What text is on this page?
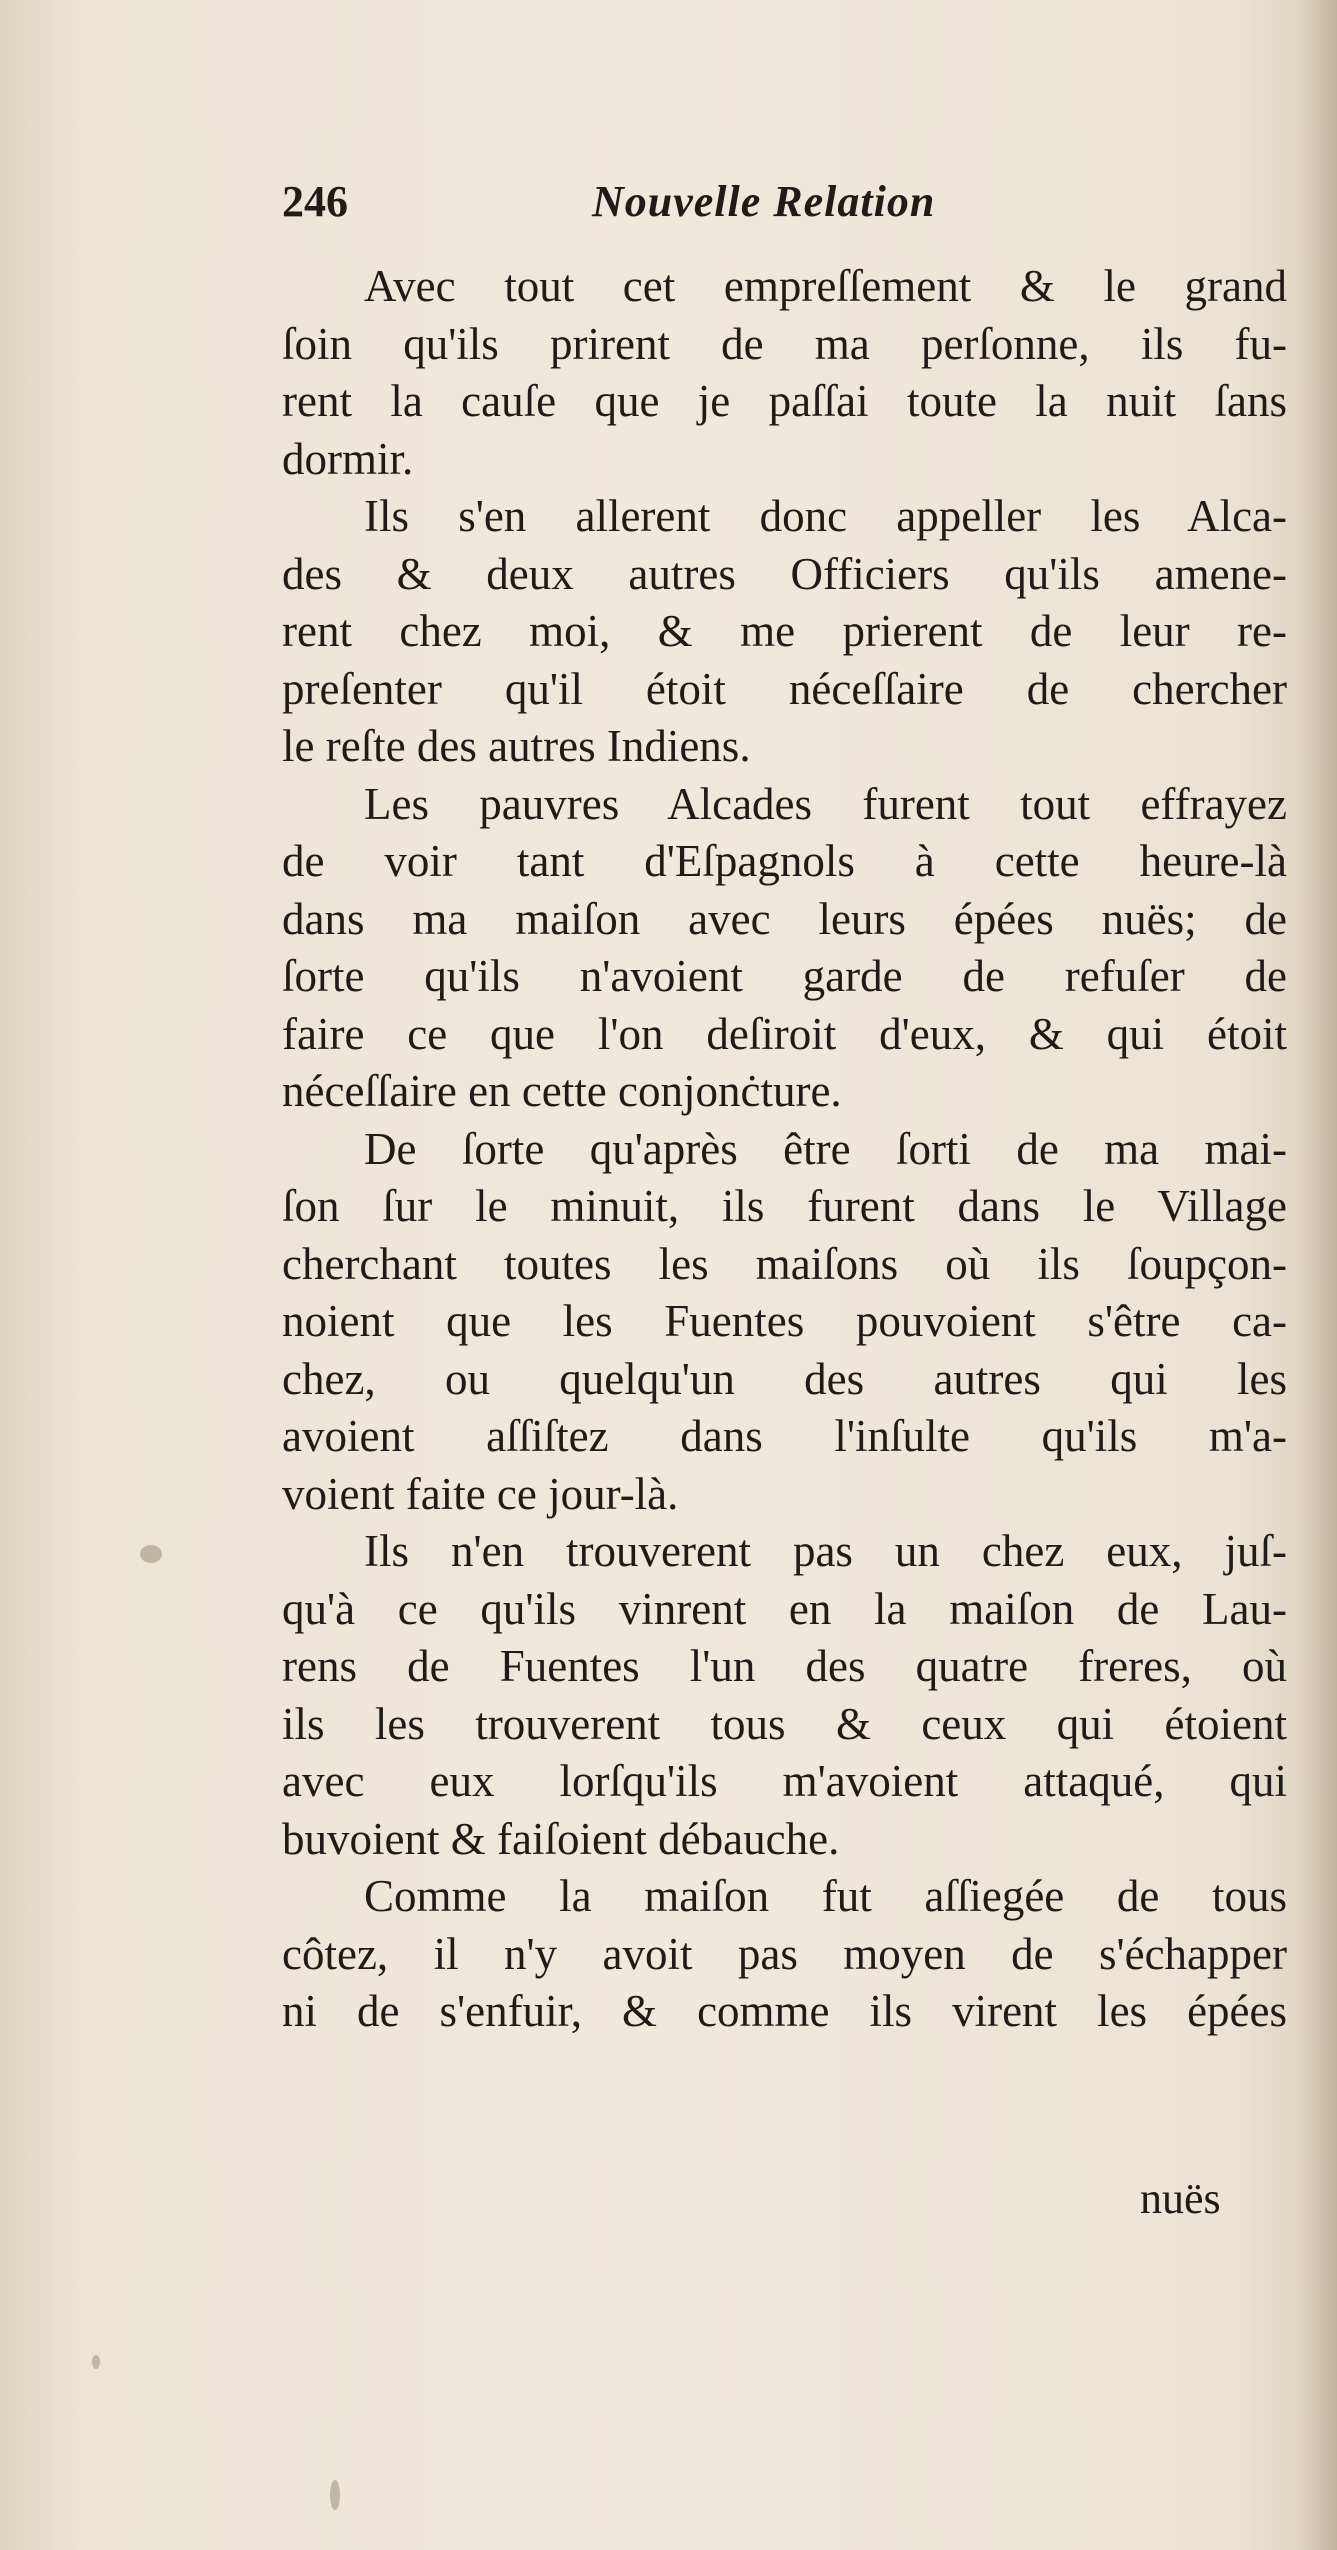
246	Nouvelle Relation
Avec tout cet empreſſement & le grand
ſoin qu'ils prirent de ma perſonne, ils fu-
rent la cauſe que je paſſai toute la nuit ſans
dormir.
Ils s'en allerent donc appeller les Alca-
des & deux autres Officiers qu'ils amene-
rent chez moi, & me prierent de leur re-
preſenter qu'il étoit néceſſaire de chercher
le reſte des autres Indiens.
Les pauvres Alcades furent tout effrayez
de voir tant d'Eſpagnols à cette heure-là
dans ma maiſon avec leurs épées nuës; de
ſorte qu'ils n'avoient garde de refuſer de
faire ce que l'on deſiroit d'eux, & qui étoit
néceſſaire en cette conjonċture.
De ſorte qu'après être ſorti de ma mai-
ſon ſur le minuit, ils furent dans le Village
cherchant toutes les maiſons où ils ſoupçon-
noient que les Fuentes pouvoient s'être ca-
chez, ou quelqu'un des autres qui les
avoient aſſiſtez dans l'inſulte qu'ils m'a-
voient faite ce jour-là.
Ils n'en trouverent pas un chez eux, juſ-
qu'à ce qu'ils vinrent en la maiſon de Lau-
rens de Fuentes l'un des quatre freres, où
ils les trouverent tous & ceux qui étoient
avec eux lorſqu'ils m'avoient attaqué, qui
buvoient & faiſoient débauche.
Comme la maiſon fut aſſiegée de tous
côtez, il n'y avoit pas moyen de s'échapper
ni de s'enfuir, & comme ils virent les épées
nuës
